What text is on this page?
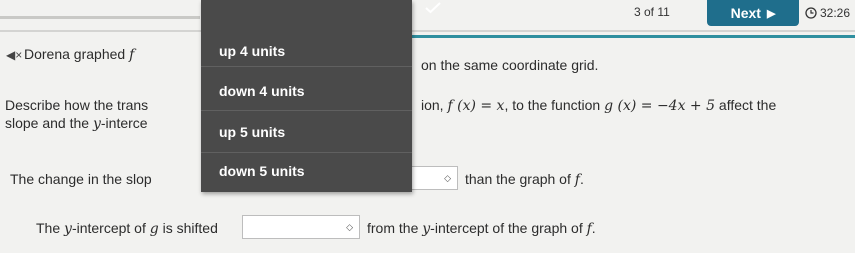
3 of 11	Next ▶	32:26
◀× Dorena graphed f
on the same coordinate grid.
Describe how the trans	ion, f (x) = x, to the function g (x) = −4x + 5 affect the
slope and the y-interce
The change in the slop	◇ than the graph of f.
The y-intercept of g is shifted	◇ from the y-intercept of the graph of f.
up 4 units
down 4 units
up 5 units
down 5 units
